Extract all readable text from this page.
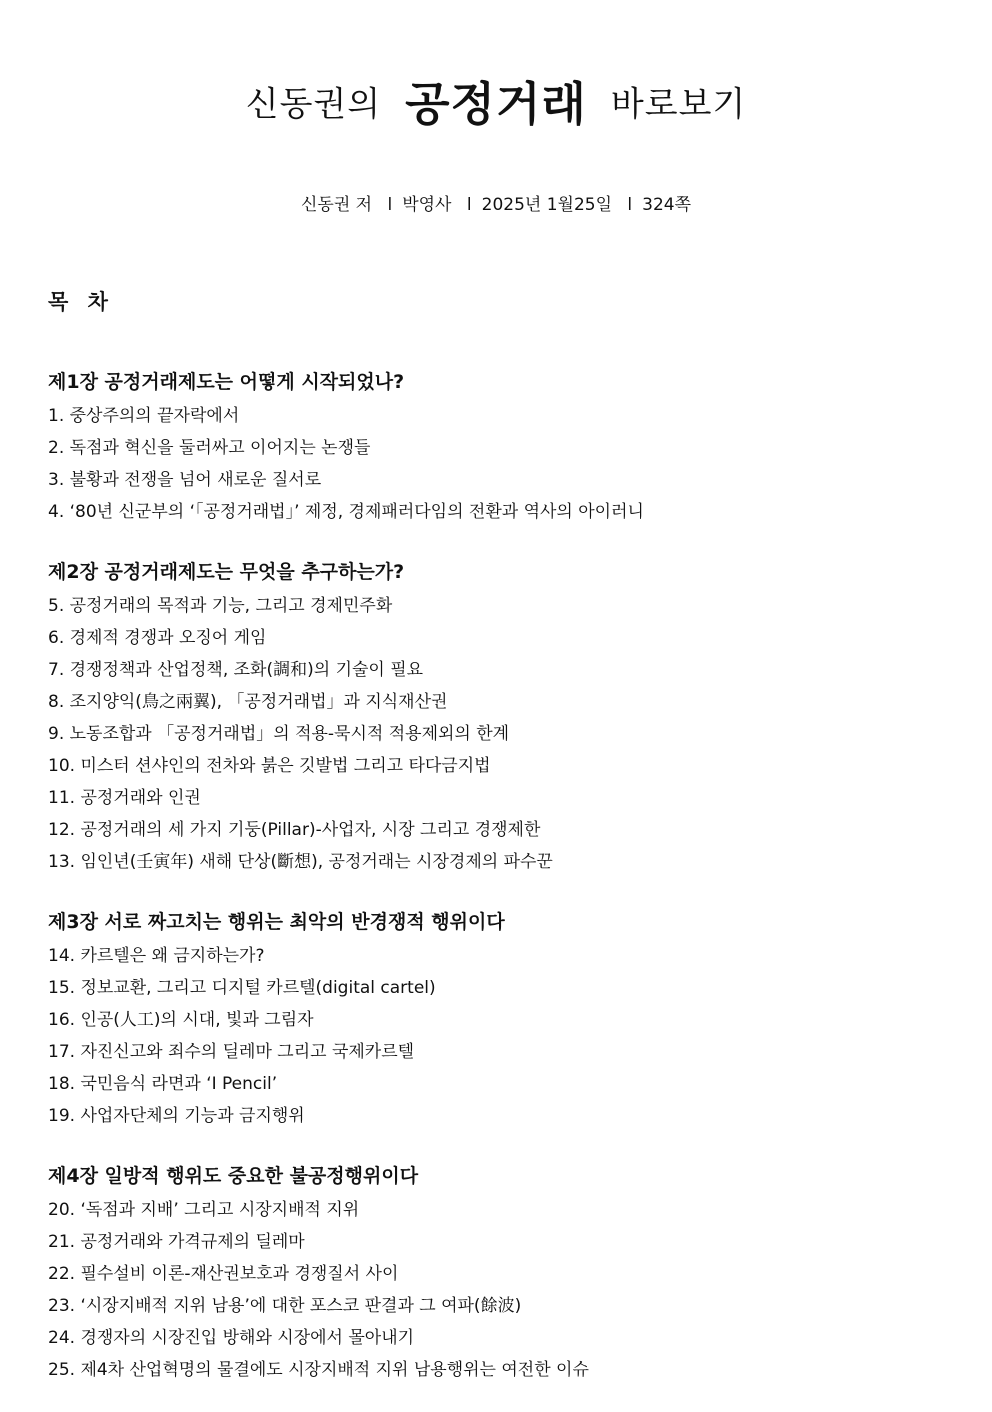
신동권의 공정거래 바로보기
신동권 저 l 박영사 l 2025년 1월25일 l 324쪽
목 차
제1장 공정거래제도는 어떻게 시작되었나?
1. 중상주의의 끝자락에서
2. 독점과 혁신을 둘러싸고 이어지는 논쟁들
3. 불황과 전쟁을 넘어 새로운 질서로
4. ‘80년 신군부의 ‘「공정거래법」’ 제정, 경제패러다임의 전환과 역사의 아이러니
제2장 공정거래제도는 무엇을 추구하는가?
5. 공정거래의 목적과 기능, 그리고 경제민주화
6. 경제적 경쟁과 오징어 게임
7. 경쟁정책과 산업정책, 조화(調和)의 기술이 필요
8. 조지양익(鳥之兩翼), 「공정거래법」과 지식재산권
9. 노동조합과 「공정거래법」의 적용-묵시적 적용제외의 한계
10. 미스터 션샤인의 전차와 붉은 깃발법 그리고 타다금지법
11. 공정거래와 인권
12. 공정거래의 세 가지 기둥(Pillar)-사업자, 시장 그리고 경쟁제한
13. 임인년(壬寅年) 새해 단상(斷想), 공정거래는 시장경제의 파수꾼
제3장 서로 짜고치는 행위는 최악의 반경쟁적 행위이다
14. 카르텔은 왜 금지하는가?
15. 정보교환, 그리고 디지털 카르텔(digital cartel)
16. 인공(人工)의 시대, 빛과 그림자
17. 자진신고와 죄수의 딜레마 그리고 국제카르텔
18. 국민음식 라면과 ‘I Pencil’
19. 사업자단체의 기능과 금지행위
제4장 일방적 행위도 중요한 불공정행위이다
20. ‘독점과 지배’ 그리고 시장지배적 지위
21. 공정거래와 가격규제의 딜레마
22. 필수설비 이론-재산권보호과 경쟁질서 사이
23. ‘시장지배적 지위 남용’에 대한 포스코 판결과 그 여파(餘波)
24. 경쟁자의 시장진입 방해와 시장에서 몰아내기
25. 제4차 산업혁명의 물결에도 시장지배적 지위 남용행위는 여전한 이슈
